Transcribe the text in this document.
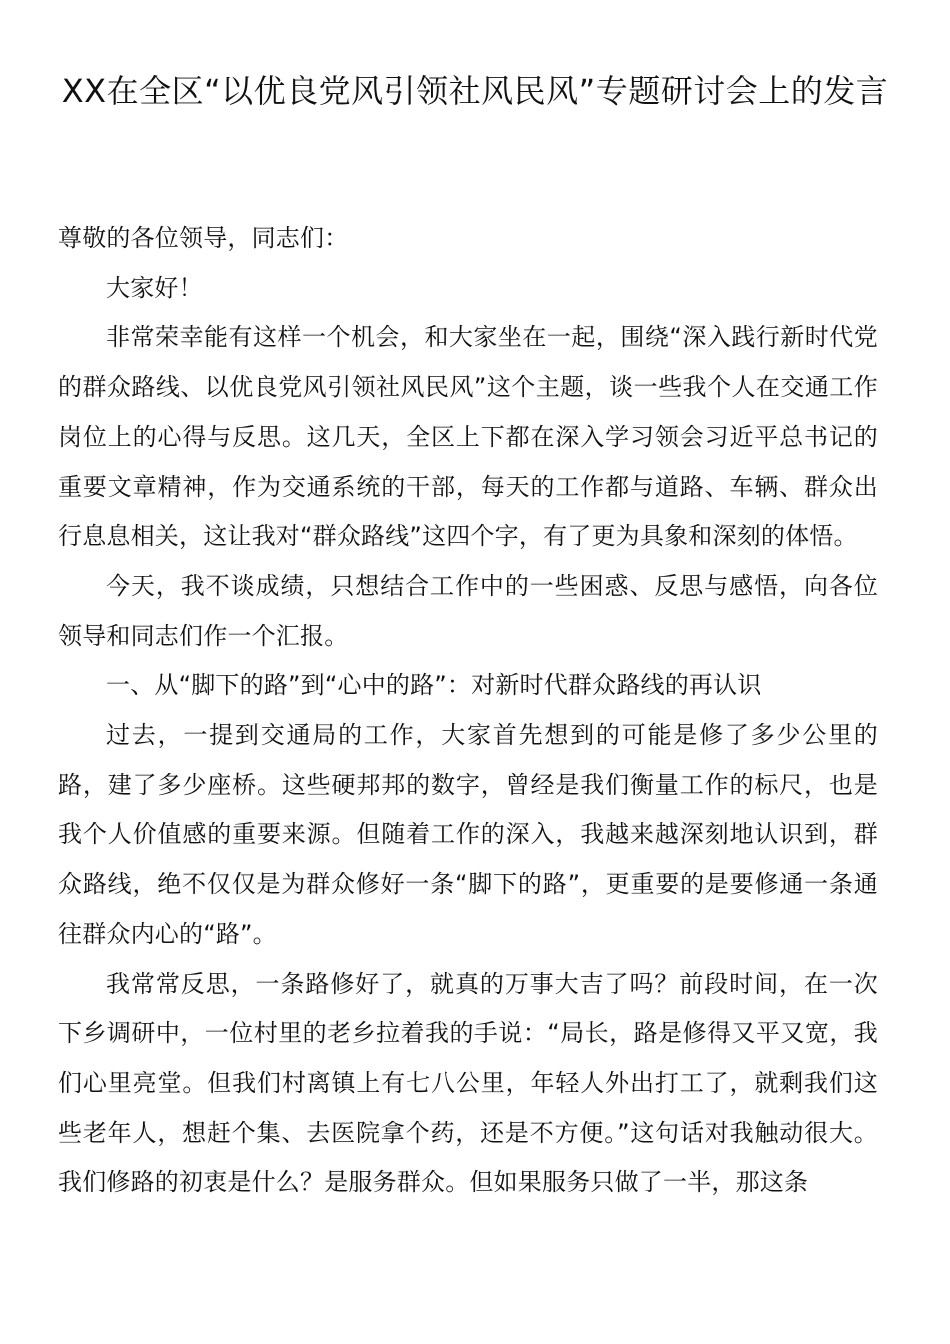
XX在全区“以优良党风引领社风民风”专题研讨会上的发言

尊敬的各位领导，同志们：

大家好！

非常荣幸能有这样一个机会，和大家坐在一起，围绕“深入践行新时代党的群众路线、以优良党风引领社风民风”这个主题，谈一些我个人在交通工作岗位上的心得与反思。这几天，全区上下都在深入学习领会习近平总书记的重要文章精神，作为交通系统的干部，每天的工作都与道路、车辆、群众出行息息相关，这让我对“群众路线”这四个字，有了更为具象和深刻的体悟。

今天，我不谈成绩，只想结合工作中的一些困惑、反思与感悟，向各位领导和同志们作一个汇报。

一、从“脚下的路”到“心中的路”：对新时代群众路线的再认识

过去，一提到交通局的工作，大家首先想到的可能是修了多少公里的路，建了多少座桥。这些硬邦邦的数字，曾经是我们衡量工作的标尺，也是我个人价值感的重要来源。但随着工作的深入，我越来越深刻地认识到，群众路线，绝不仅仅是为群众修好一条“脚下的路”，更重要的是要修通一条通往群众内心的“路”。

我常常反思，一条路修好了，就真的万事大吉了吗？前段时间，在一次下乡调研中，一位村里的老乡拉着我的手说：“局长，路是修得又平又宽，我们心里亮堂。但我们村离镇上有七八公里，年轻人外出打工了，就剩我们这些老年人，想赶个集、去医院拿个药，还是不方便。”这句话对我触动很大。我们修路的初衷是什么？是服务群众。但如果服务只做了一半，那这条
